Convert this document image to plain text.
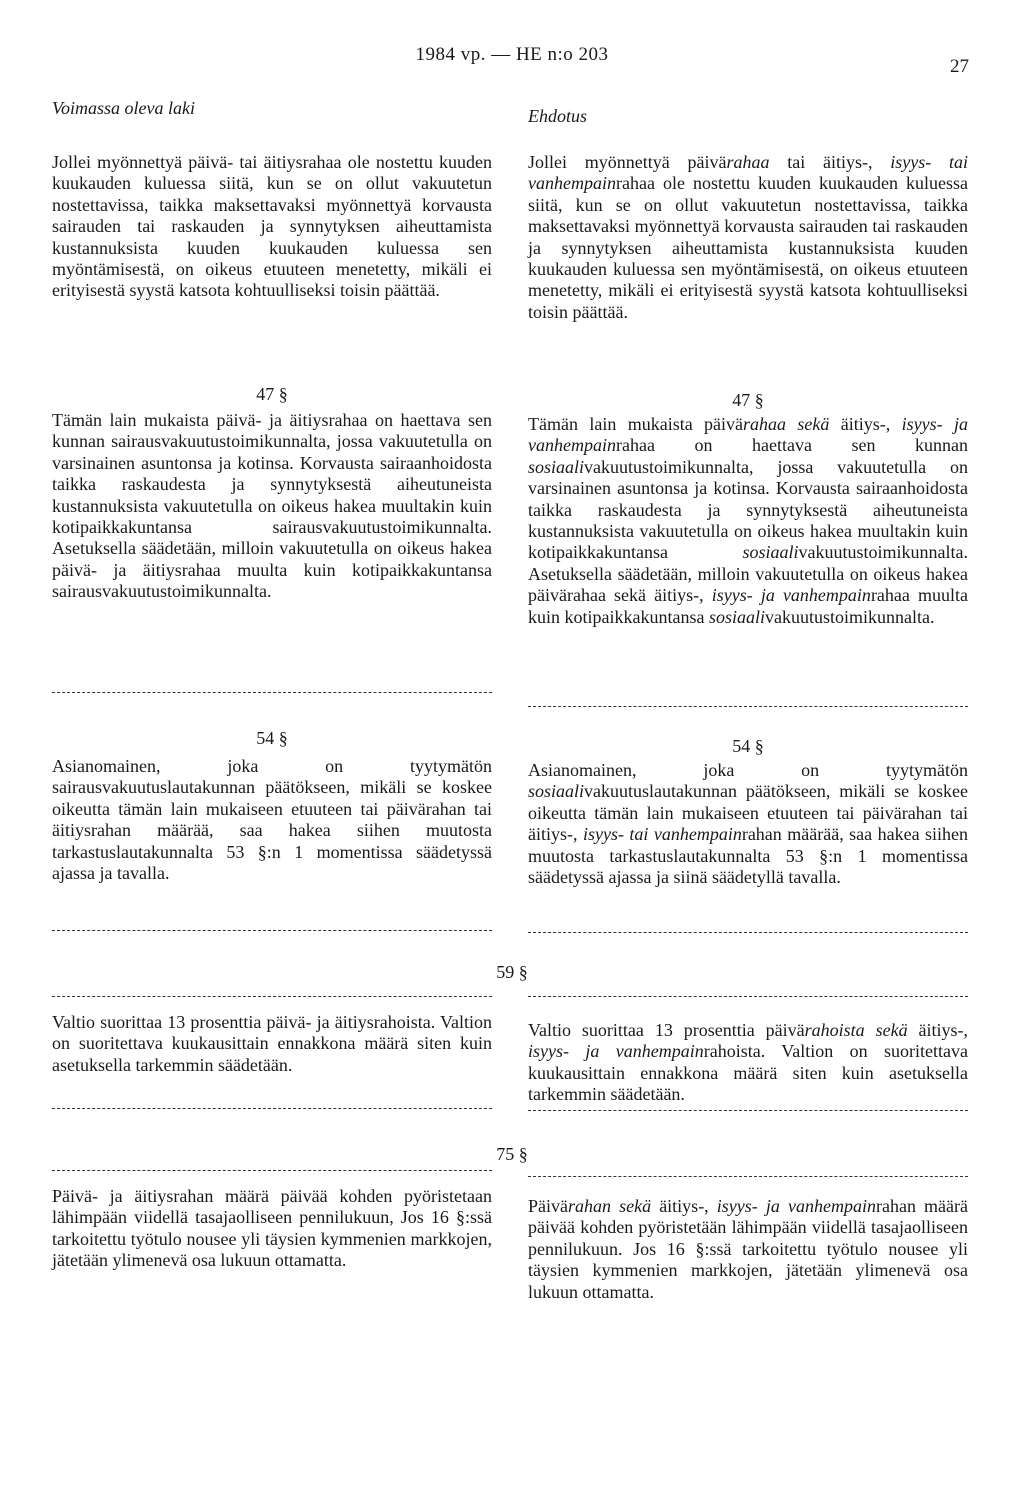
1984 vp. — HE n:o 203
27
Voimassa oleva laki	Ehdotus
Jollei myönnettyä päivä- tai äitiysrahaa ole nostettu kuuden kuukauden kuluessa siitä, kun se on ollut vakuutetun nostettavissa, taikka maksettavaksi myönnettyä korvausta sairauden tai raskauden ja synnytyksen aiheuttamista kustannuksista kuuden kuukauden kuluessa sen myöntämisestä, on oikeus etuuteen menetetty, mikäli ei erityisestä syystä katsota kohtuulliseksi toisin päättää.
47 §
Tämän lain mukaista päivä- ja äitiysrahaa on haettava sen kunnan sairausvakuutustoimikunnalta, jossa vakuutetulla on varsinainen asuntonsa ja kotinsa. Korvausta sairaanhoidosta taikka raskaudesta ja synnytyksestä aiheutuneista kustannuksista vakuutetulla on oikeus hakea muultakin kuin kotipaikkakuntansa sairausvakuutustoimikunnalta. Asetuksella säädetään, milloin vakuutetulla on oikeus hakea päivä- ja äitiysrahaa muulta kuin kotipaikkakuntansa sairausvakuutustoimikunnalta.
54 §
Asianomainen, joka on tyytymätön sairausvakuutuslautakunnan päätökseen, mikäli se koskee oikeutta tämän lain mukaiseen etuuteen tai päivärahan tai äitiysrahan määrää, saa hakea siihen muutosta tarkastuslautakunnalta 53 §:n 1 momentissa säädetyssä ajassa ja tavalla.
59 §
75 §
Valtio suorittaa 13 prosenttia päivä- ja äitiysrahoista. Valtion on suoritettava kuukausittain ennakkona määrä siten kuin asetuksella tarkemmin säädetään.
Päivä- ja äitiysrahan määrä päivää kohden pyöristetaan lähimpään viidellä tasajaolliseen pennilukuun, Jos 16 §:ssä tarkoitettu työtulo nousee yli täysien kymmenien markkojen, jätetään ylimenevä osa lukuun ottamatta.
Jollei myönnettyä päivärahaa tai äitiys-, isyys- tai vanhempainrahaa ole nostettu kuuden kuukauden kuluessa siitä, kun se on ollut vakuutetun nostettavissa, taikka maksettavaksi myönnettyä korvausta sairauden tai raskauden ja synnytyksen aiheuttamista kustannuksista kuuden kuukauden kuluessa sen myöntämisestä, on oikeus etuuteen menetetty, mikäli ei erityisestä syystä katsota kohtuulliseksi toisin päättää.
47 §
Tämän lain mukaista päivärahaa sekä äitiys-, isyys- ja vanhempainrahaa on haettava sen kunnan sosiaalivakuutustoimikunnalta, jossa vakuutetulla on varsinainen asuntonsa ja kotinsa. Korvausta sairaanhoidosta taikka raskaudesta ja synnytyksestä aiheutuneista kustannuksista vakuutetulla on oikeus hakea muultakin kuin kotipaikkakuntansa sosiaalivakuutustoimikunnalta. Asetuksella säädetään, milloin vakuutetulla on oikeus hakea päivärahaa sekä äitiys-, isyys- ja vanhempainrahaa muulta kuin kotipaikkakuntansa sosiaalivakuutustoimikunnalta.
54 §
Asianomainen, joka on tyytymätön sosiaalivakuutuslautakunnan päätökseen, mikäli se koskee oikeutta tämän lain mukaiseen etuuteen tai päivärahan tai äitiys-, isyys- tai vanhempainrahan määrää, saa hakea siihen muutosta tarkastuslautakunnalta 53 §:n 1 momentissa säädetyssä ajassa ja siinä säädetyllä tavalla.
Valtio suorittaa 13 prosenttia päivärahoista sekä äitiys-, isyys- ja vanhempainrahoista. Valtion on suoritettava kuukausittain ennakkona määrä siten kuin asetuksella tarkemmin säädetään.
Päivärahan sekä äitiys-, isyys- ja vanhempainrahan määrä päivää kohden pyöristetään lähimpään viidellä tasajaolliseen pennilukuun. Jos 16 §:ssä tarkoitettu työtulo nousee yli täysien kymmenien markkojen, jätetään ylimenevä osa lukuun ottamatta.
